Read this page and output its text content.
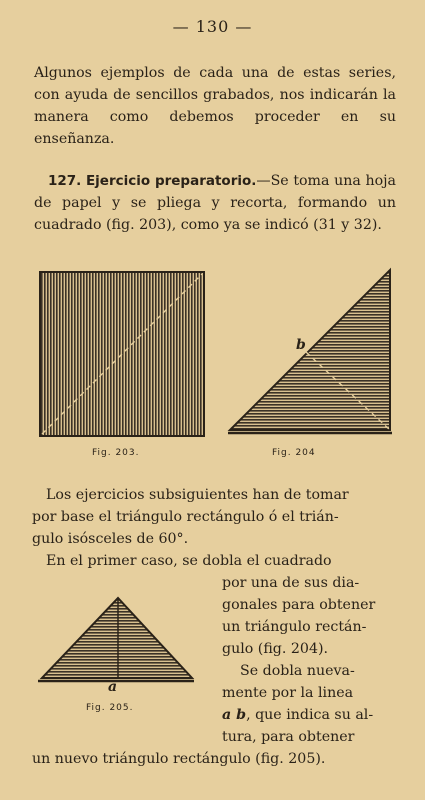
— 130 —

Algunos ejemplos de cada una de estas series, con ayuda de sencillos grabados, nos indicarán la manera como debemos proceder en su enseñanza.

127. Ejercicio preparatorio.—Se toma una hoja de papel y se pliega y recorta, formando un cuadrado (fig. 203), como ya se indicó (31 y 32).

Fig. 203.
b
Fig. 204
Los ejercicios subsiguientes han de tomar
por base el triángulo rectángulo ó el trián-
gulo isósceles de 60°.
En el primer caso, se dobla el cuadrado
por una de sus dia-
gonales para obtener
un triángulo rectán-
gulo (fig. 204).
Se dobla nueva-
mente por la linea
a b, que indica su al-
tura, para obtener
un nuevo triángulo rectángulo (fig. 205).
a
Fig. 205.
